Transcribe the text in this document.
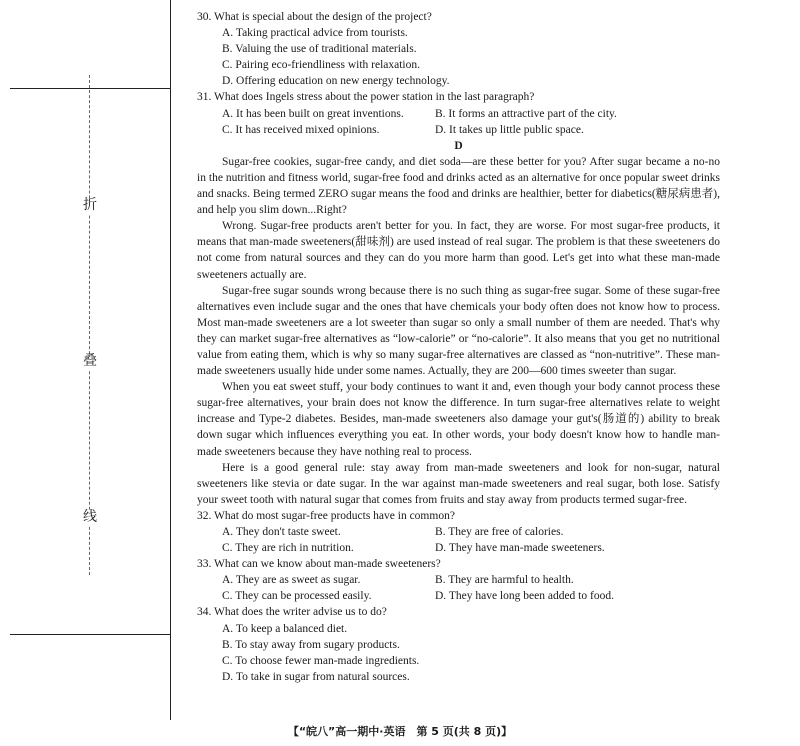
折
叠
线

30. What is special about the design of the project?

A. Taking practical advice from tourists.

B. Valuing the use of traditional materials.

C. Pairing eco-friendliness with relaxation.

D. Offering education on new energy technology.

31. What does Ingels stress about the power station in the last paragraph?

A. It has been built on great inventions.	B. It forms an attractive part of the city.
C. It has received mixed opinions.	D. It takes up little public space.

D

Sugar-free cookies, sugar-free candy, and diet soda—are these better for you? After sugar became a no-no in the nutrition and fitness world, sugar-free food and drinks acted as an alternative for once popular sweet drinks and snacks. Being termed ZERO sugar means the food and drinks are healthier, better for diabetics(糖尿病患者), and help you slim down...Right?

Wrong. Sugar-free products aren't better for you. In fact, they are worse. For most sugar-free products, it means that man-made sweeteners(甜味剂) are used instead of real sugar. The problem is that these sweeteners do not come from natural sources and they can do you more harm than good. Let's get into what these man-made sweeteners actually are.

Sugar-free sugar sounds wrong because there is no such thing as sugar-free sugar. Some of these sugar-free alternatives even include sugar and the ones that have chemicals your body often does not know how to process. Most man-made sweeteners are a lot sweeter than sugar so only a small number of them are needed. That's why they can market sugar-free alternatives as “low-calorie” or “no-calorie”. It also means that you get no nutritional value from eating them, which is why so many sugar-free alternatives are classed as “non-nutritive”. These man-made sweeteners usually hide under some names. Actually, they are 200—600 times sweeter than sugar.

When you eat sweet stuff, your body continues to want it and, even though your body cannot process these sugar-free alternatives, your brain does not know the difference. In turn sugar-free alternatives relate to weight increase and Type-2 diabetes. Besides, man-made sweeteners also damage your gut's(肠道的) ability to break down sugar which influences everything you eat. In other words, your body doesn't know how to handle man-made sweeteners because they have nothing real to process.

Here is a good general rule: stay away from man-made sweeteners and look for non-sugar, natural sweeteners like stevia or date sugar. In the war against man-made sweeteners and real sugar, both lose. Satisfy your sweet tooth with natural sugar that comes from fruits and stay away from products termed sugar-free.

32. What do most sugar-free products have in common?

A. They don't taste sweet.	B. They are free of calories.
C. They are rich in nutrition.	D. They have man-made sweeteners.

33. What can we know about man-made sweeteners?

A. They are as sweet as sugar.	B. They are harmful to health.
C. They can be processed easily.	D. They have long been added to food.

34. What does the writer advise us to do?

A. To keep a balanced diet.

B. To stay away from sugary products.

C. To choose fewer man-made ingredients.

D. To take in sugar from natural sources.

【“皖八”高一期中·英语　第 5 页(共 8 页)】
